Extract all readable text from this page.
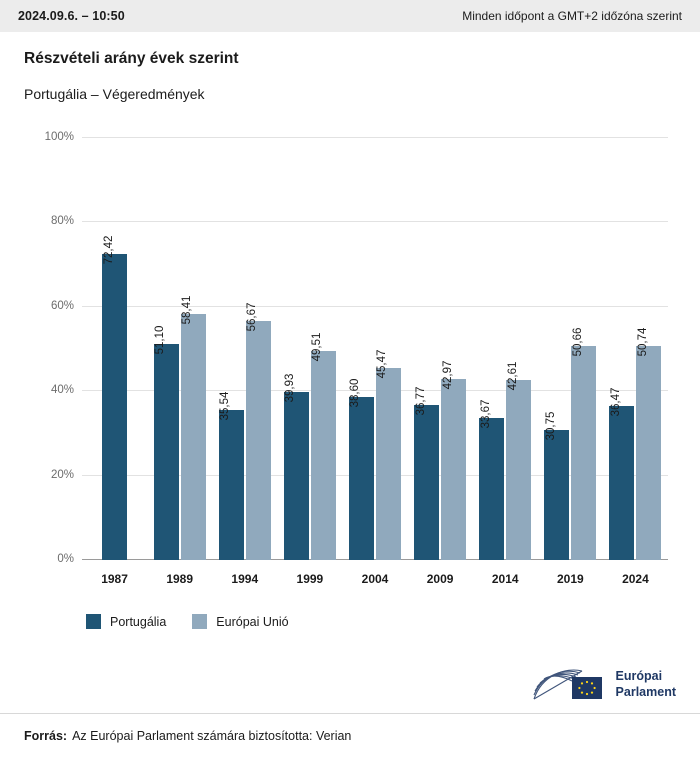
2024.09.6. – 10:50	Minden időpont a GMT+2 időzóna szerint
Részvételi arány évek szerint
Portugália – Végeredmények
0%
20%
40%
60%
80%
100%
72,42
1987
51,10
58,41
1989
35,54
56,67
1994
39,93
49,51
1999
38,60
45,47
2004
36,77
42,97
2009
33,67
42,61
2014
30,75
50,66
2019
36,47
50,74
2024
Portugália	Európai Unió
Európai
Parlament
Forrás: Az Európai Parlament számára biztosította: Verian
